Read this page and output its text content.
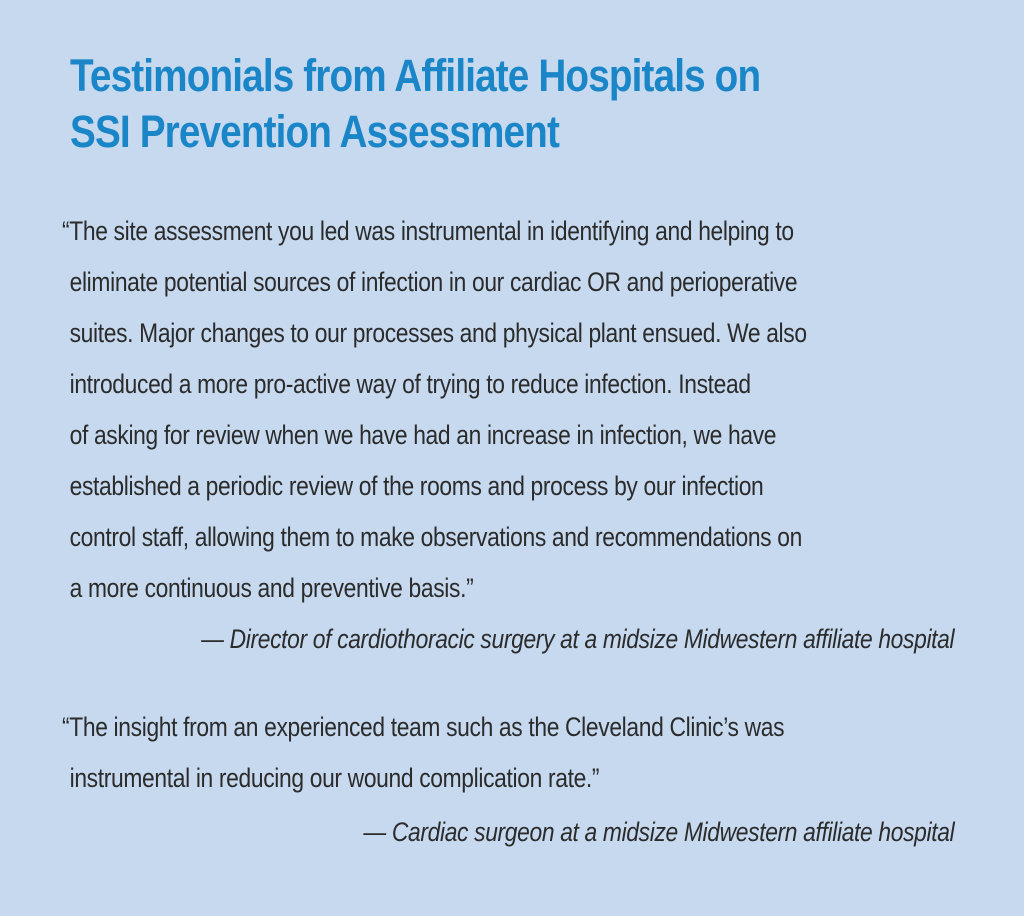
Testimonials from Affiliate Hospitals on
SSI Prevention Assessment

“The site assessment you led was instrumental in identifying and helping to
eliminate potential sources of infection in our cardiac OR and perioperative
suites. Major changes to our processes and physical plant ensued. We also
introduced a more pro-active way of trying to reduce infection. Instead
of asking for review when we have had an increase in infection, we have
established a periodic review of the rooms and process by our infection
control staff, allowing them to make observations and recommendations on
a more continuous and preventive basis.”

— Director of cardiothoracic surgery at a midsize Midwestern affiliate hospital

“The insight from an experienced team such as the Cleveland Clinic’s was
instrumental in reducing our wound complication rate.”

— Cardiac surgeon at a midsize Midwestern affiliate hospital
